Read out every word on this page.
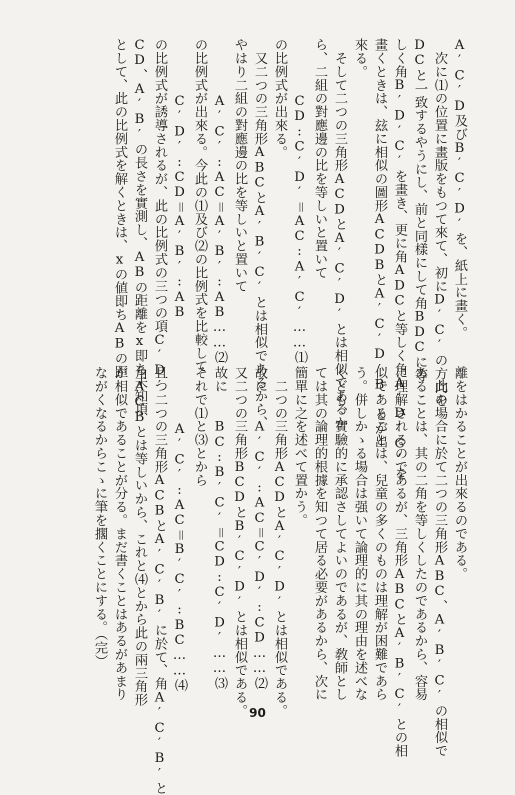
A′C′D及びB′C′D′を、紙上に畫く。
　次に⑴の位置に畫版をもつて來て、初にD′C′の方向を
DCと一致するやうにし、前と同樣にして角BDCに等
しく角B′D′C′を畫き、更に角ADCと等しく角A′D′C′を
畫くときは、玆に相似の圖形ACDBとA′C′D′B′とが出
來る。
　そして二つの三角形ACDとA′C′D′とは相似であるか
ら、二組の對應邊の比を等しいと置いて
CD:C′D′＝AC:A′C′……⑴
の比例式が出來る。
　又二つの三角形ABCとA′B′C′とは相似であるから、
やはり二組の對應邊の比を等しいと置いて
A′C′:AC＝A′B′:AB……⑵
の比例式が出來る。今此の⑴及び⑵の比例式を比較して
C′D′:CD＝A′B′:AB
の比例式が誘導されるが、此の比例式の三つの項C′D′
CD、A′B′の長さを實測し、ABの距離をx即ち未知項
として、此の比例式を解くときは、xの値即ちABの距
離をはかることが出來るのである。
　此の場合に於て二つの三角形ABC、A′B′C′の相似で
あることは、其の二角を等しくしたのであるから、容易
に理解されるのであるが、三角形ABCとA′B′C′との相
似であることは、兒童の多くのものは理解が困難であら
う。併しかゝる場合は强いて論理的に其の理由を述べな
くとも、實驗的に承認さしてよいのであるが、敎師とし
ては其の論理的根據を知つて居る必要があるから、次に
簡單に之を述べて置かう。
　二つの三角形ACDとA′C′D′とは相似である。
故に　　A′C′:AC＝C′D′:CD……⑵
又二つの三角形BCDとB′C′D′とは相似である。
故に　　BC:B′C′＝CD:C′D′……⑶
それで⑴と⑶とから
A′C′:AC＝B′C′:BC……⑷
且つ二つの三角形ACBとA′C′B′に於て、角A′C′B′と
角ACBとは等しいから、これと⑷とから此の兩三角形
が相似であることが分る。まだ書くことはあるがあまり
ながくなるからこゝに筆を擱くことにする。（完）
90
